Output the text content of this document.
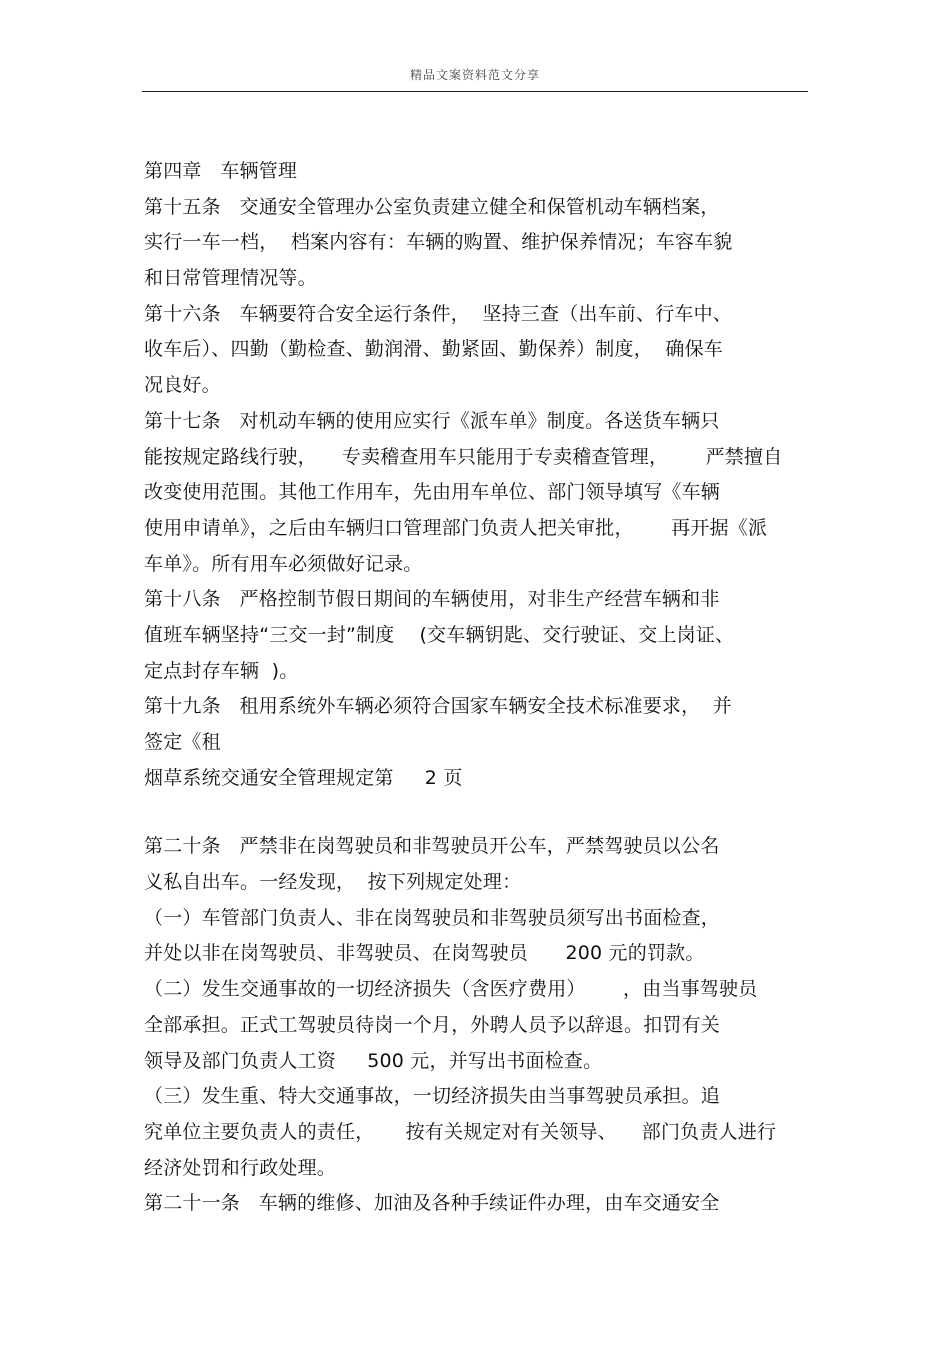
精品文案资料范文分享
第四章   车辆管理
第十五条   交通安全管理办公室负责建立健全和保管机动车辆档案，
实行一车一档，  档案内容有：车辆的购置、维护保养情况；车容车貌
和日常管理情况等。
第十六条   车辆要符合安全运行条件，  坚持三查（出车前、行车中、
收车后）、四勤（勤检查、勤润滑、勤紧固、勤保养）制度，  确保车
况良好。
第十七条   对机动车辆的使用应实行《派车单》制度。各送货车辆只
能按规定路线行驶，    专卖稽查用车只能用于专卖稽查管理，      严禁擅自
改变使用范围。其他工作用车，先由用车单位、部门领导填写《车辆
使用申请单》，之后由车辆归口管理部门负责人把关审批，      再开据《派
车单》。所有用车必须做好记录。
第十八条   严格控制节假日期间的车辆使用，对非生产经营车辆和非
值班车辆坚持“三交一封”制度    (交车辆钥匙、交行驶证、交上岗证、
定点封存车辆  )。
第十九条   租用系统外车辆必须符合国家车辆安全技术标准要求，  并
签定《租
烟草系统交通安全管理规定第     2 页
第二十条   严禁非在岗驾驶员和非驾驶员开公车，严禁驾驶员以公名
义私自出车。一经发现，  按下列规定处理：
（一）车管部门负责人、非在岗驾驶员和非驾驶员须写出书面检查，
并处以非在岗驾驶员、非驾驶员、在岗驾驶员      200 元的罚款。
（二）发生交通事故的一切经济损失（含医疗费用）      ，由当事驾驶员
全部承担。正式工驾驶员待岗一个月，外聘人员予以辞退。扣罚有关
领导及部门负责人工资     500 元，并写出书面检查。
（三）发生重、特大交通事故，一切经济损失由当事驾驶员承担。追
究单位主要负责人的责任，     按有关规定对有关领导、    部门负责人进行
经济处罚和行政处理。
第二十一条   车辆的维修、加油及各种手续证件办理，由车交通安全
